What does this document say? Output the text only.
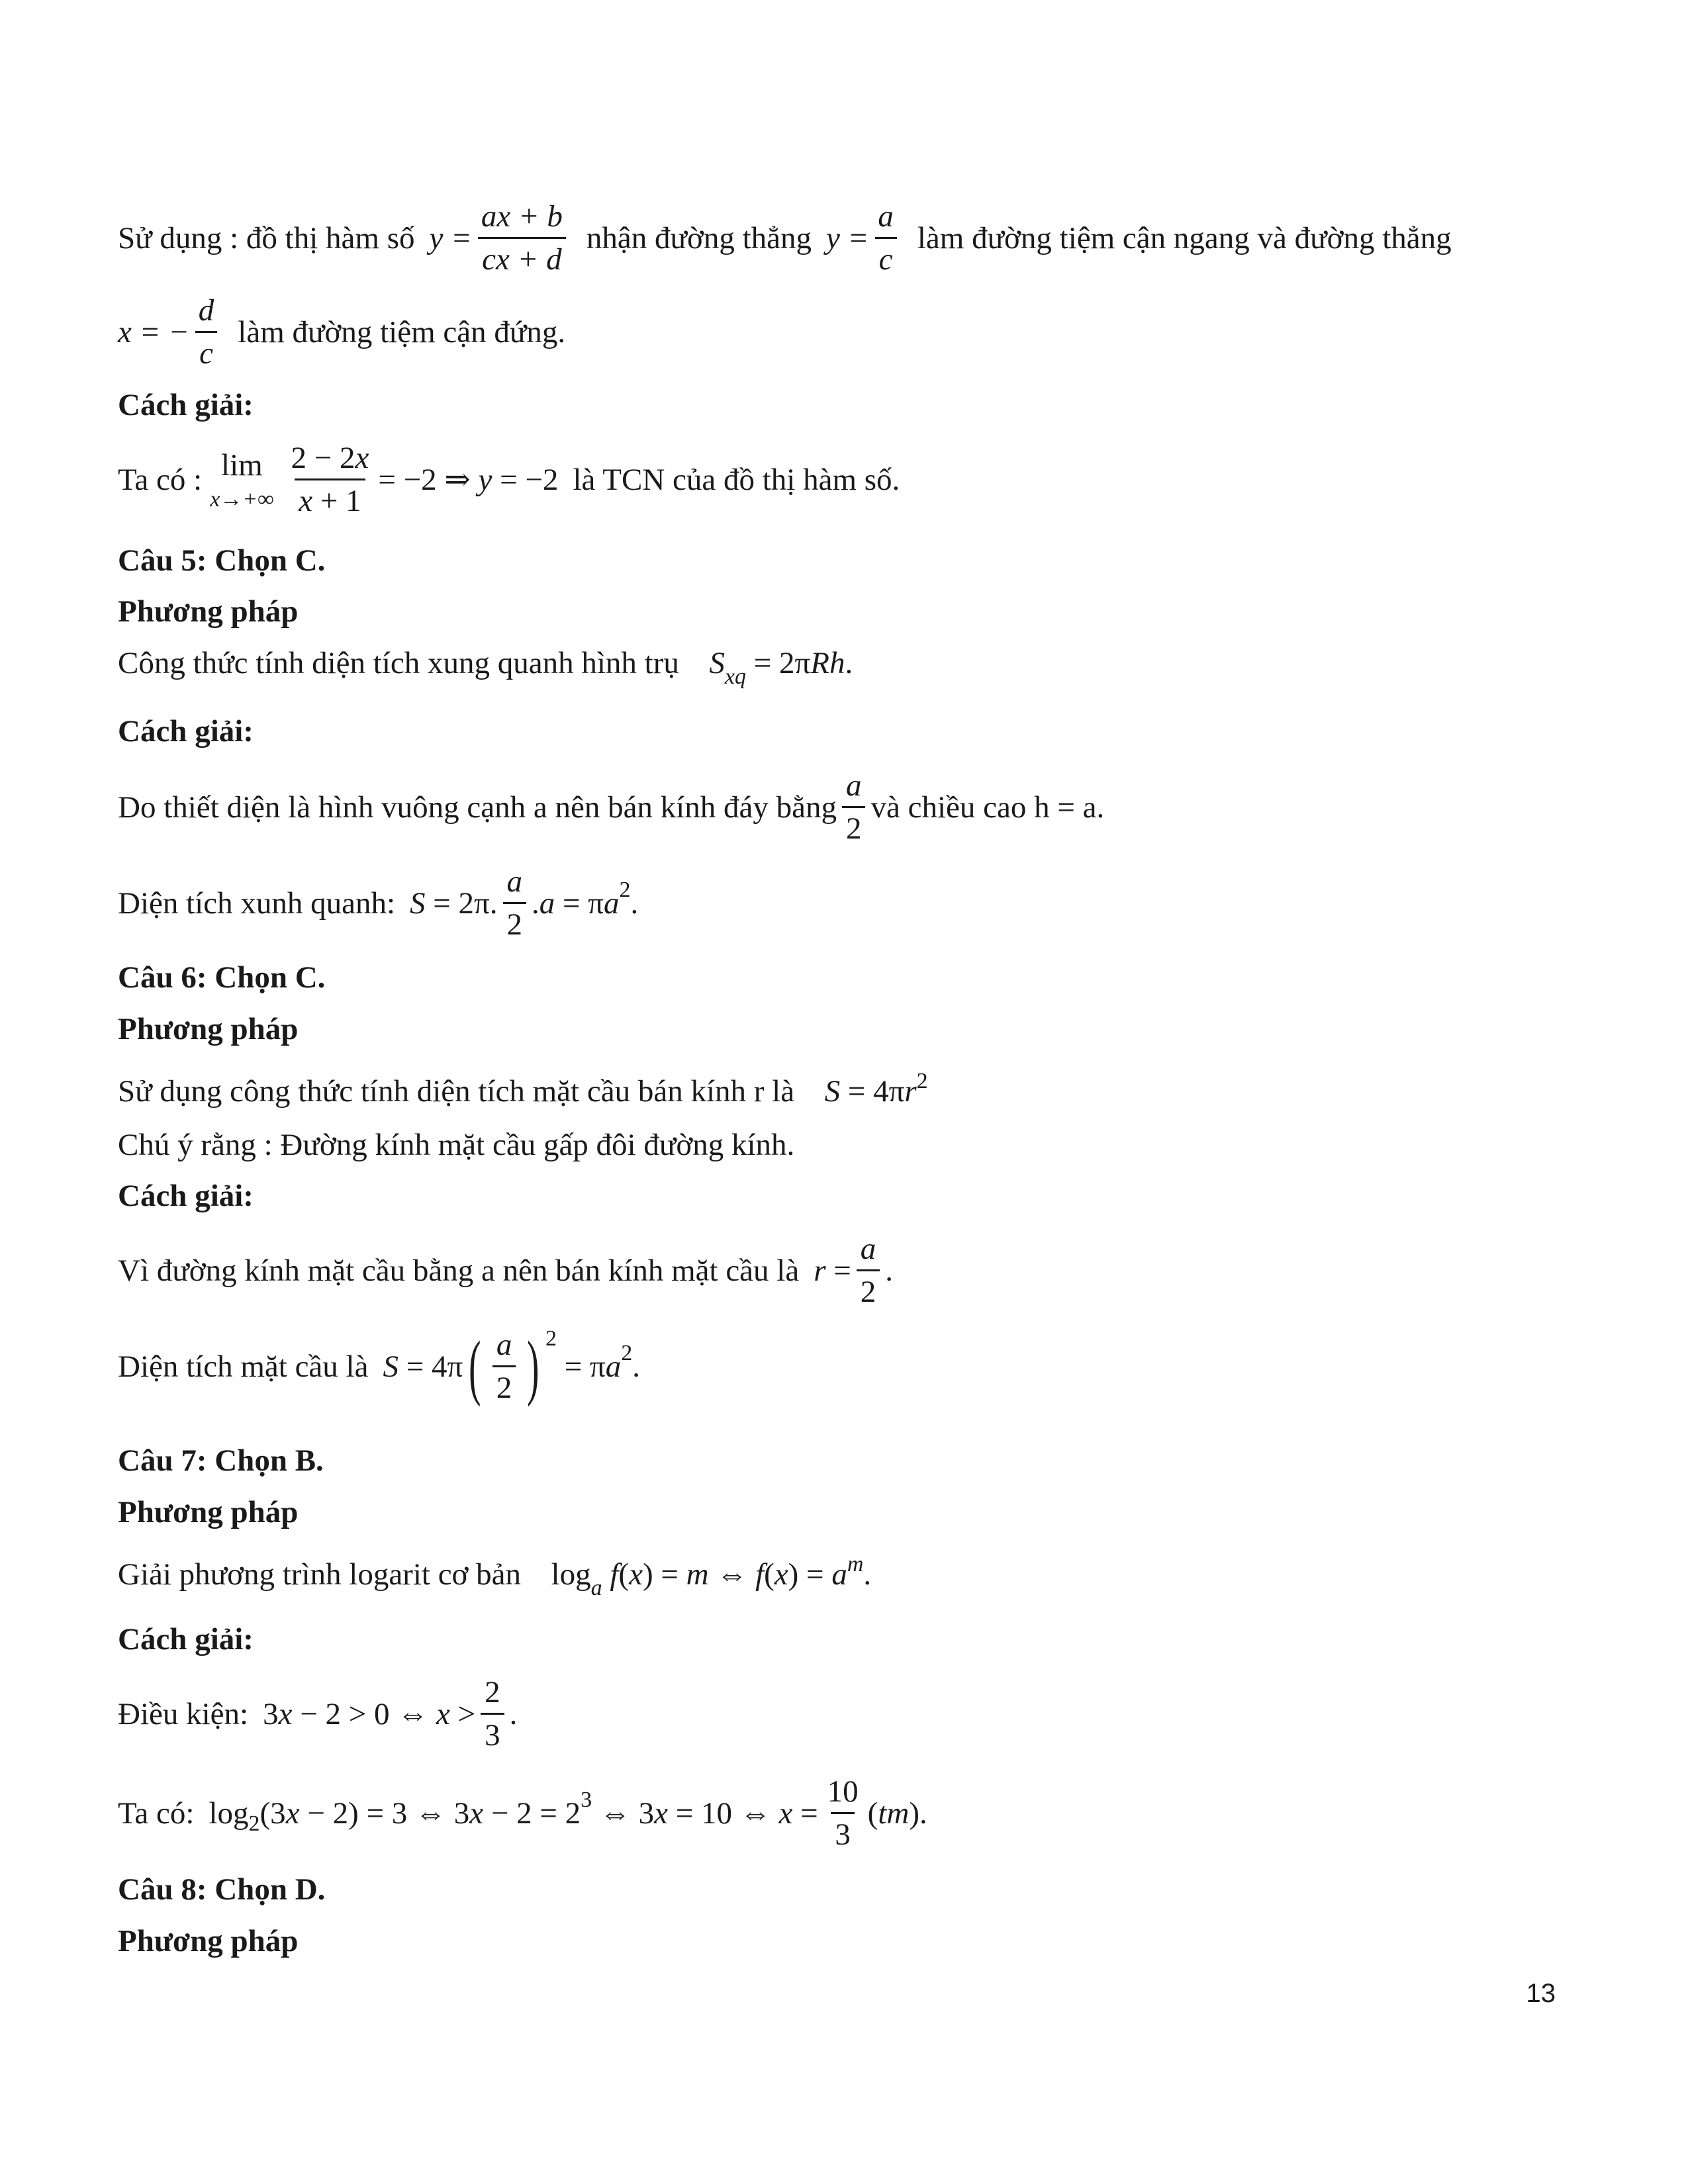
Sử dụng : đồ thị hàm số $y = \frac{ax + b}{cx + d}$ nhận đường thẳng $y = \frac{a}{c}$ làm đường tiệm cận ngang và đường thẳng
x = − $\frac{d}{c}$ làm đường tiệm cận đứng.
Cách giải:
Ta có : lim
$x\to+\infty \frac{2 - 2x}{x + 1} = -2$ ⇒ y = −2 là TCN của đồ thị hàm số.
Câu 5: Chọn C.
Phương pháp
Công thức tính diện tích xung quanh hình trụ $S_{xq} = 2\pi Rh$.
Cách giải:
Do thiết diện là hình vuông cạnh a nên bán kính đáy bằng $\frac{a}{2}$ và chiều cao h = a.
Diện tích xunh quanh: S = 2π. $\frac{a}{2}$ . a = π a 2 .
Câu 6: Chọn C.
Phương pháp
Sử dụng công thức tính diện tích mặt cầu bán kính r là $S = 4\pi r^2$
Chú ý rằng : Đường kính mặt cầu gấp đôi đường kính.
Cách giải:
Vì đường kính mặt cầu bằng a nên bán kính mặt cầu là $r = \frac{a}{2}$ .
Diện tích mặt cầu là S = 4π ( $\frac{a}{2}$ ) 2
= π a 2 .
Câu 7: Chọn B.
Phương pháp
Giải phương trình logarit cơ bản  $\log_a f(x) = m$ ⇔ $f(x) = a^m$.
Cách giải:
Điều kiện: 3 x − 2 > 0 ⇔ $x > \frac{2}{3}$ .
Ta có: log 2 (3 x − 2) = 3 ⇔ 3 x − 2 = 2 3 ⇔ 3 x = 10 ⇔ $x = \frac{10}{3}$ ( tm ).
Câu 8: Chọn D.
Phương pháp
13
